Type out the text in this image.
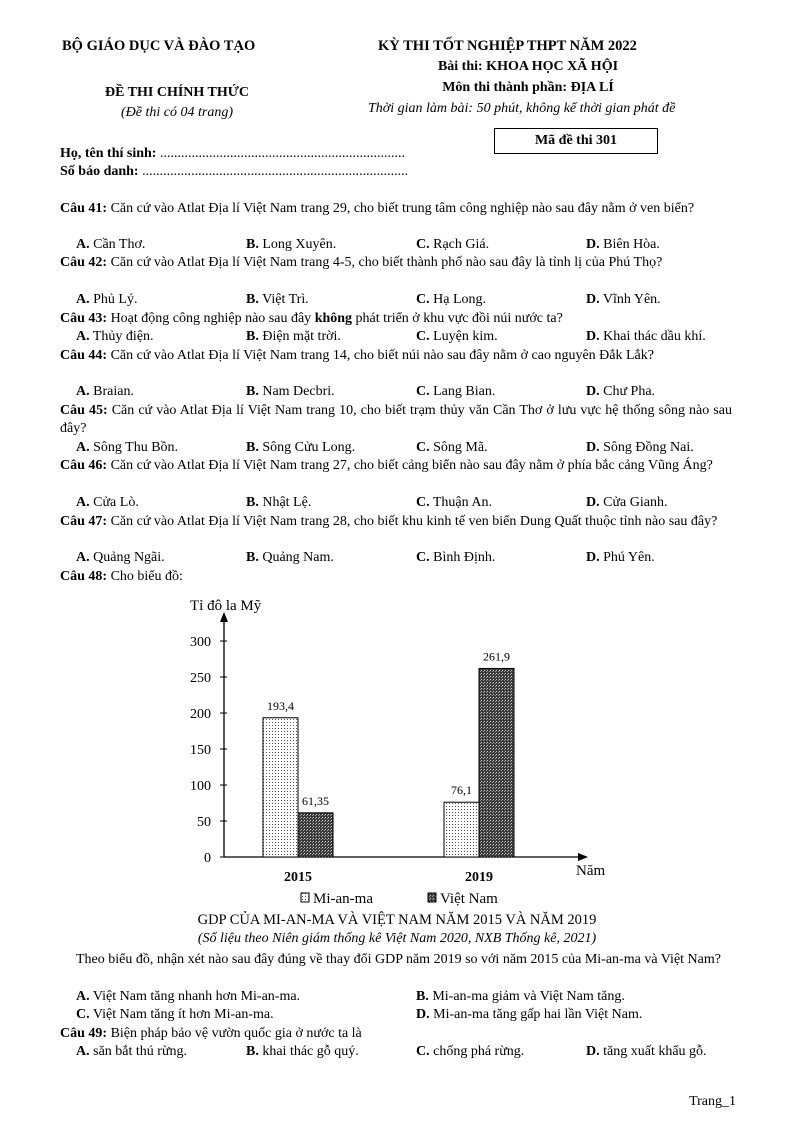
BỘ GIÁO DỤC VÀ ĐÀO TẠO	KỲ THI TỐT NGHIỆP THPT NĂM 2022
Bài thi: KHOA HỌC XÃ HỘI
Môn thi thành phần: ĐỊA LÍ
Thời gian làm bài: 50 phút, không kể thời gian phát đề
ĐỀ THI CHÍNH THỨC
(Đề thi có 04 trang)
Mã đề thi 301
Họ, tên thí sinh: ......................................................................
Số báo danh: ............................................................................
Câu 41: Căn cứ vào Atlat Địa lí Việt Nam trang 29, cho biết trung tâm công nghiệp nào sau đây nằm ở ven biển?
A. Cần Thơ.	B. Long Xuyên.	C. Rạch Giá.	D. Biên Hòa.
Câu 42: Căn cứ vào Atlat Địa lí Việt Nam trang 4-5, cho biết thành phố nào sau đây là tỉnh lị của Phú Thọ?
A. Phủ Lý.	B. Việt Trì.	C. Hạ Long.	D. Vĩnh Yên.
Câu 43: Hoạt động công nghiệp nào sau đây không phát triển ở khu vực đồi núi nước ta?
A. Thủy điện.	B. Điện mặt trời.	C. Luyện kim.	D. Khai thác dầu khí.
Câu 44: Căn cứ vào Atlat Địa lí Việt Nam trang 14, cho biết núi nào sau đây nằm ở cao nguyên Đắk Lắk?
A. Braian.	B. Nam Decbri.	C. Lang Bian.	D. Chư Pha.
Câu 45: Căn cứ vào Atlat Địa lí Việt Nam trang 10, cho biết trạm thủy văn Cần Thơ ở lưu vực hệ thống sông nào sau đây?
A. Sông Thu Bồn.	B. Sông Cửu Long.	C. Sông Mã.	D. Sông Đồng Nai.
Câu 46: Căn cứ vào Atlat Địa lí Việt Nam trang 27, cho biết cảng biển nào sau đây nằm ở phía bắc cảng Vũng Áng?
A. Cửa Lò.	B. Nhật Lệ.	C. Thuận An.	D. Cửa Gianh.
Câu 47: Căn cứ vào Atlat Địa lí Việt Nam trang 28, cho biết khu kinh tế ven biển Dung Quất thuộc tỉnh nào sau đây?
A. Quảng Ngãi.	B. Quảng Nam.	C. Bình Định.	D. Phú Yên.
Câu 48: Cho biểu đồ:
Tỉ đô la Mỹ
Năm
0
50
100
150
200
250
300
193,4
61,35
2015
76,1
261,9
2019
Mi-an-ma	Việt Nam
GDP CỦA MI-AN-MA VÀ VIỆT NAM NĂM 2015 VÀ NĂM 2019
(Số liệu theo Niên giám thống kê Việt Nam 2020, NXB Thống kê, 2021)
Theo biểu đồ, nhận xét nào sau đây đúng về thay đổi GDP năm 2019 so với năm 2015 của Mi-an-ma và Việt Nam?
A. Việt Nam tăng nhanh hơn Mi-an-ma.	B. Mi-an-ma giảm và Việt Nam tăng.
C. Việt Nam tăng ít hơn Mi-an-ma.	D. Mi-an-ma tăng gấp hai lần Việt Nam.
Câu 49: Biện pháp bảo vệ vườn quốc gia ở nước ta là
A. săn bắt thú rừng.	B. khai thác gỗ quý.	C. chống phá rừng.	D. tăng xuất khẩu gỗ.
Trang_1
